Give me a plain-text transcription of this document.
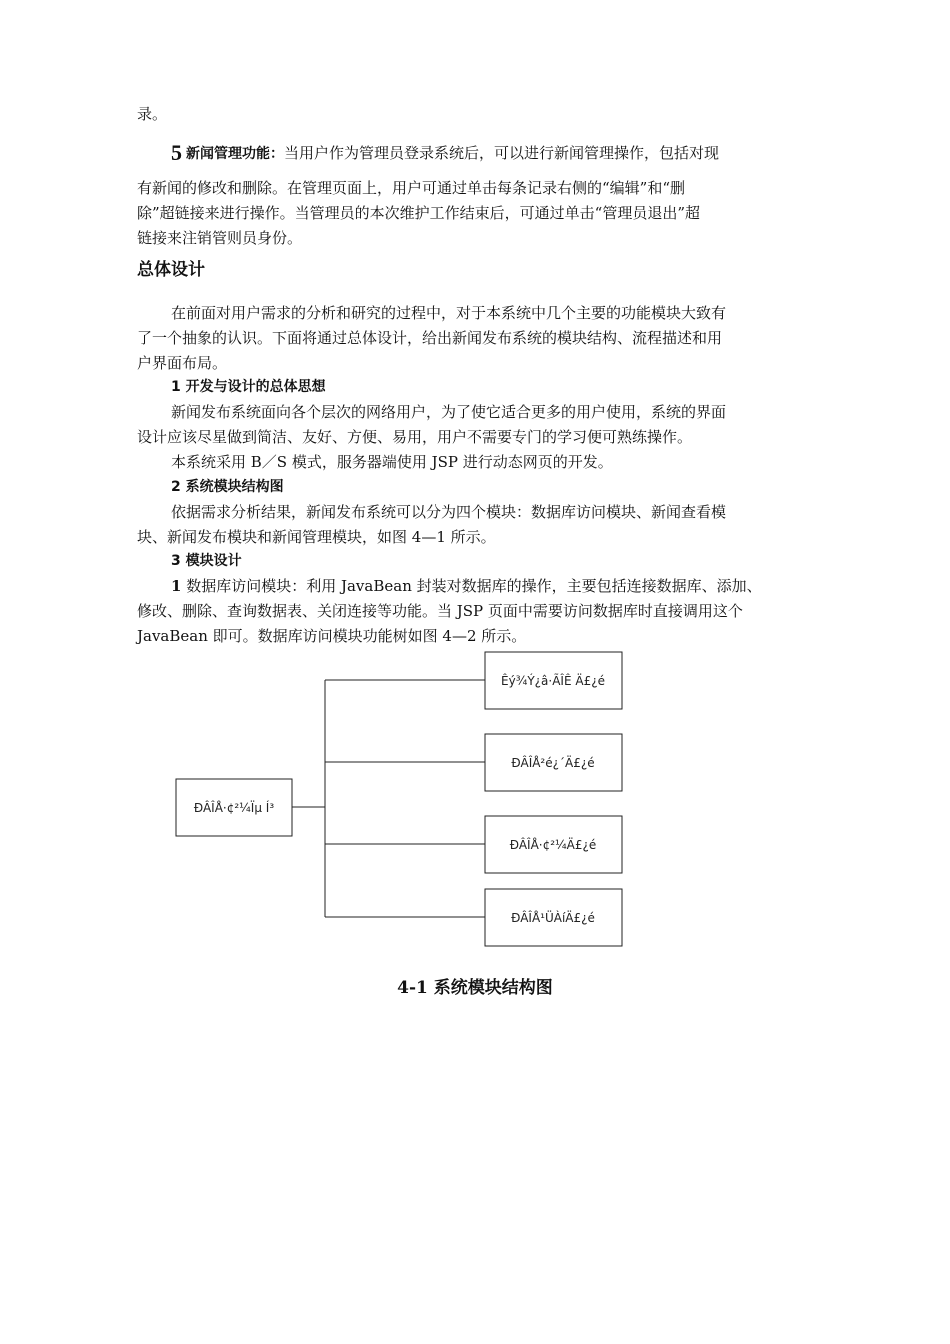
录。
5 新闻管理功能：当用户作为管理员登录系统后，可以进行新闻管理操作，包括对现
有新闻的修改和删除。在管理页面上，用户可通过单击每条记录右侧的“编辑”和“删
除”超链接来进行操作。当管理员的本次维护工作结束后，可通过单击“管理员退出”超
链接来注销管则员身份。
总体设计
在前面对用户需求的分析和研究的过程中，对于本系统中几个主要的功能模块大致有
了一个抽象的认识。下面将通过总体设计，给出新闻发布系统的模块结构、流程描述和用
户界面布局。
1 开发与设计的总体思想
新闻发布系统面向各个层次的网络用户，为了使它适合更多的用户使用，系统的界面
设计应该尽星做到简洁、友好、方便、易用，用户不需要专门的学习便可熟练操作。
本系统采用 B／S 模式，服务器端使用 JSP 进行动态网页的开发。
2 系统模块结构图
依据需求分析结果，新闻发布系统可以分为四个模块：数据库访问模块、新闻查看模
块、新闻发布模块和新闻管理模块，如图 4—1 所示。
3 模块设计
1 数据库访问模块：利用 JavaBean 封装对数据库的操作，主要包括连接数据库、添加、
修改、删除、查询数据表、关闭连接等功能。当 JSP 页面中需要访问数据库时直接调用这个
JavaBean 即可。数据库访问模块功能树如图 4—2 所示。
ÐÂÎÅ·¢²¼Ïµ Í³
Êý¾Ý¿â·ÃÎÊ Ä£¿é
ÐÂÎÅ²é¿´Ä£¿é
ÐÂÎÅ·¢²¼Ä£¿é
ÐÂÎÅ¹ÜÀíÄ£¿é
4-1 系统模块结构图
